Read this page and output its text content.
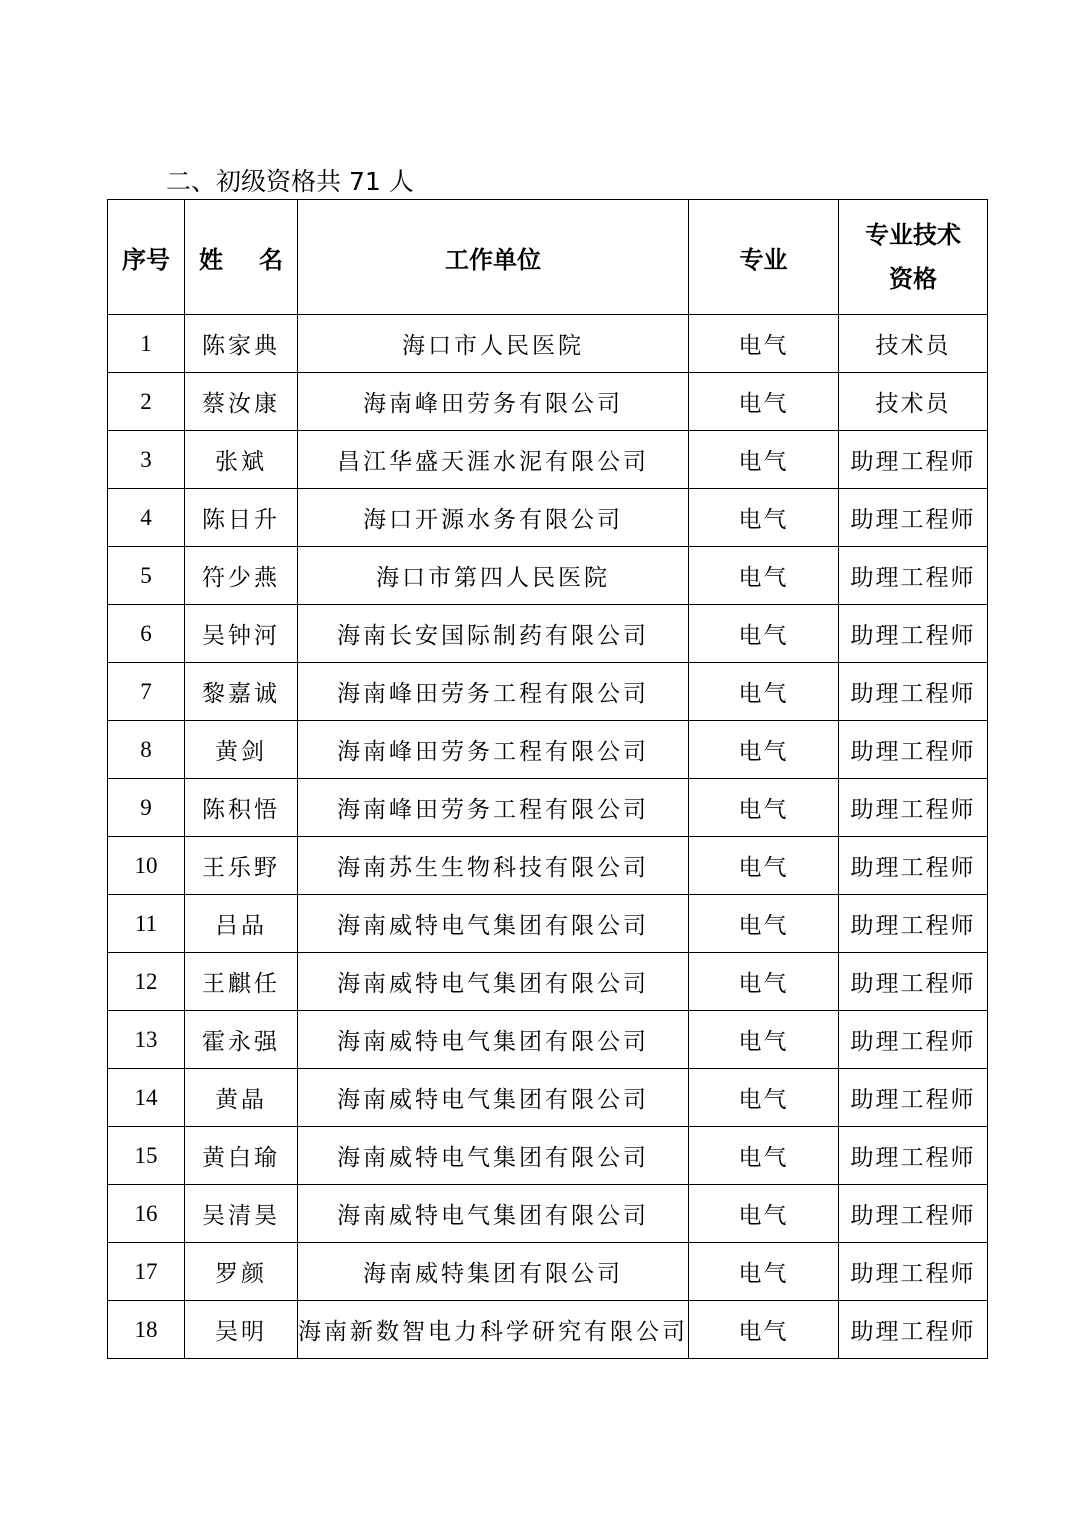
二、初级资格共 71 人
序号	姓 名	工作单位	专业	专业技术
资格
1	陈家典	海口市人民医院	电气	技术员
2	蔡汝康	海南峰田劳务有限公司	电气	技术员
3	张斌	昌江华盛天涯水泥有限公司	电气	助理工程师
4	陈日升	海口开源水务有限公司	电气	助理工程师
5	符少燕	海口市第四人民医院	电气	助理工程师
6	吴钟河	海南长安国际制药有限公司	电气	助理工程师
7	黎嘉诚	海南峰田劳务工程有限公司	电气	助理工程师
8	黄剑	海南峰田劳务工程有限公司	电气	助理工程师
9	陈积悟	海南峰田劳务工程有限公司	电气	助理工程师
10	王乐野	海南苏生生物科技有限公司	电气	助理工程师
11	吕品	海南威特电气集团有限公司	电气	助理工程师
12	王麒任	海南威特电气集团有限公司	电气	助理工程师
13	霍永强	海南威特电气集团有限公司	电气	助理工程师
14	黄晶	海南威特电气集团有限公司	电气	助理工程师
15	黄白瑜	海南威特电气集团有限公司	电气	助理工程师
16	吴清昊	海南威特电气集团有限公司	电气	助理工程师
17	罗颜	海南威特集团有限公司	电气	助理工程师
18	吴明	海南新数智电力科学研究有限公司	电气	助理工程师
